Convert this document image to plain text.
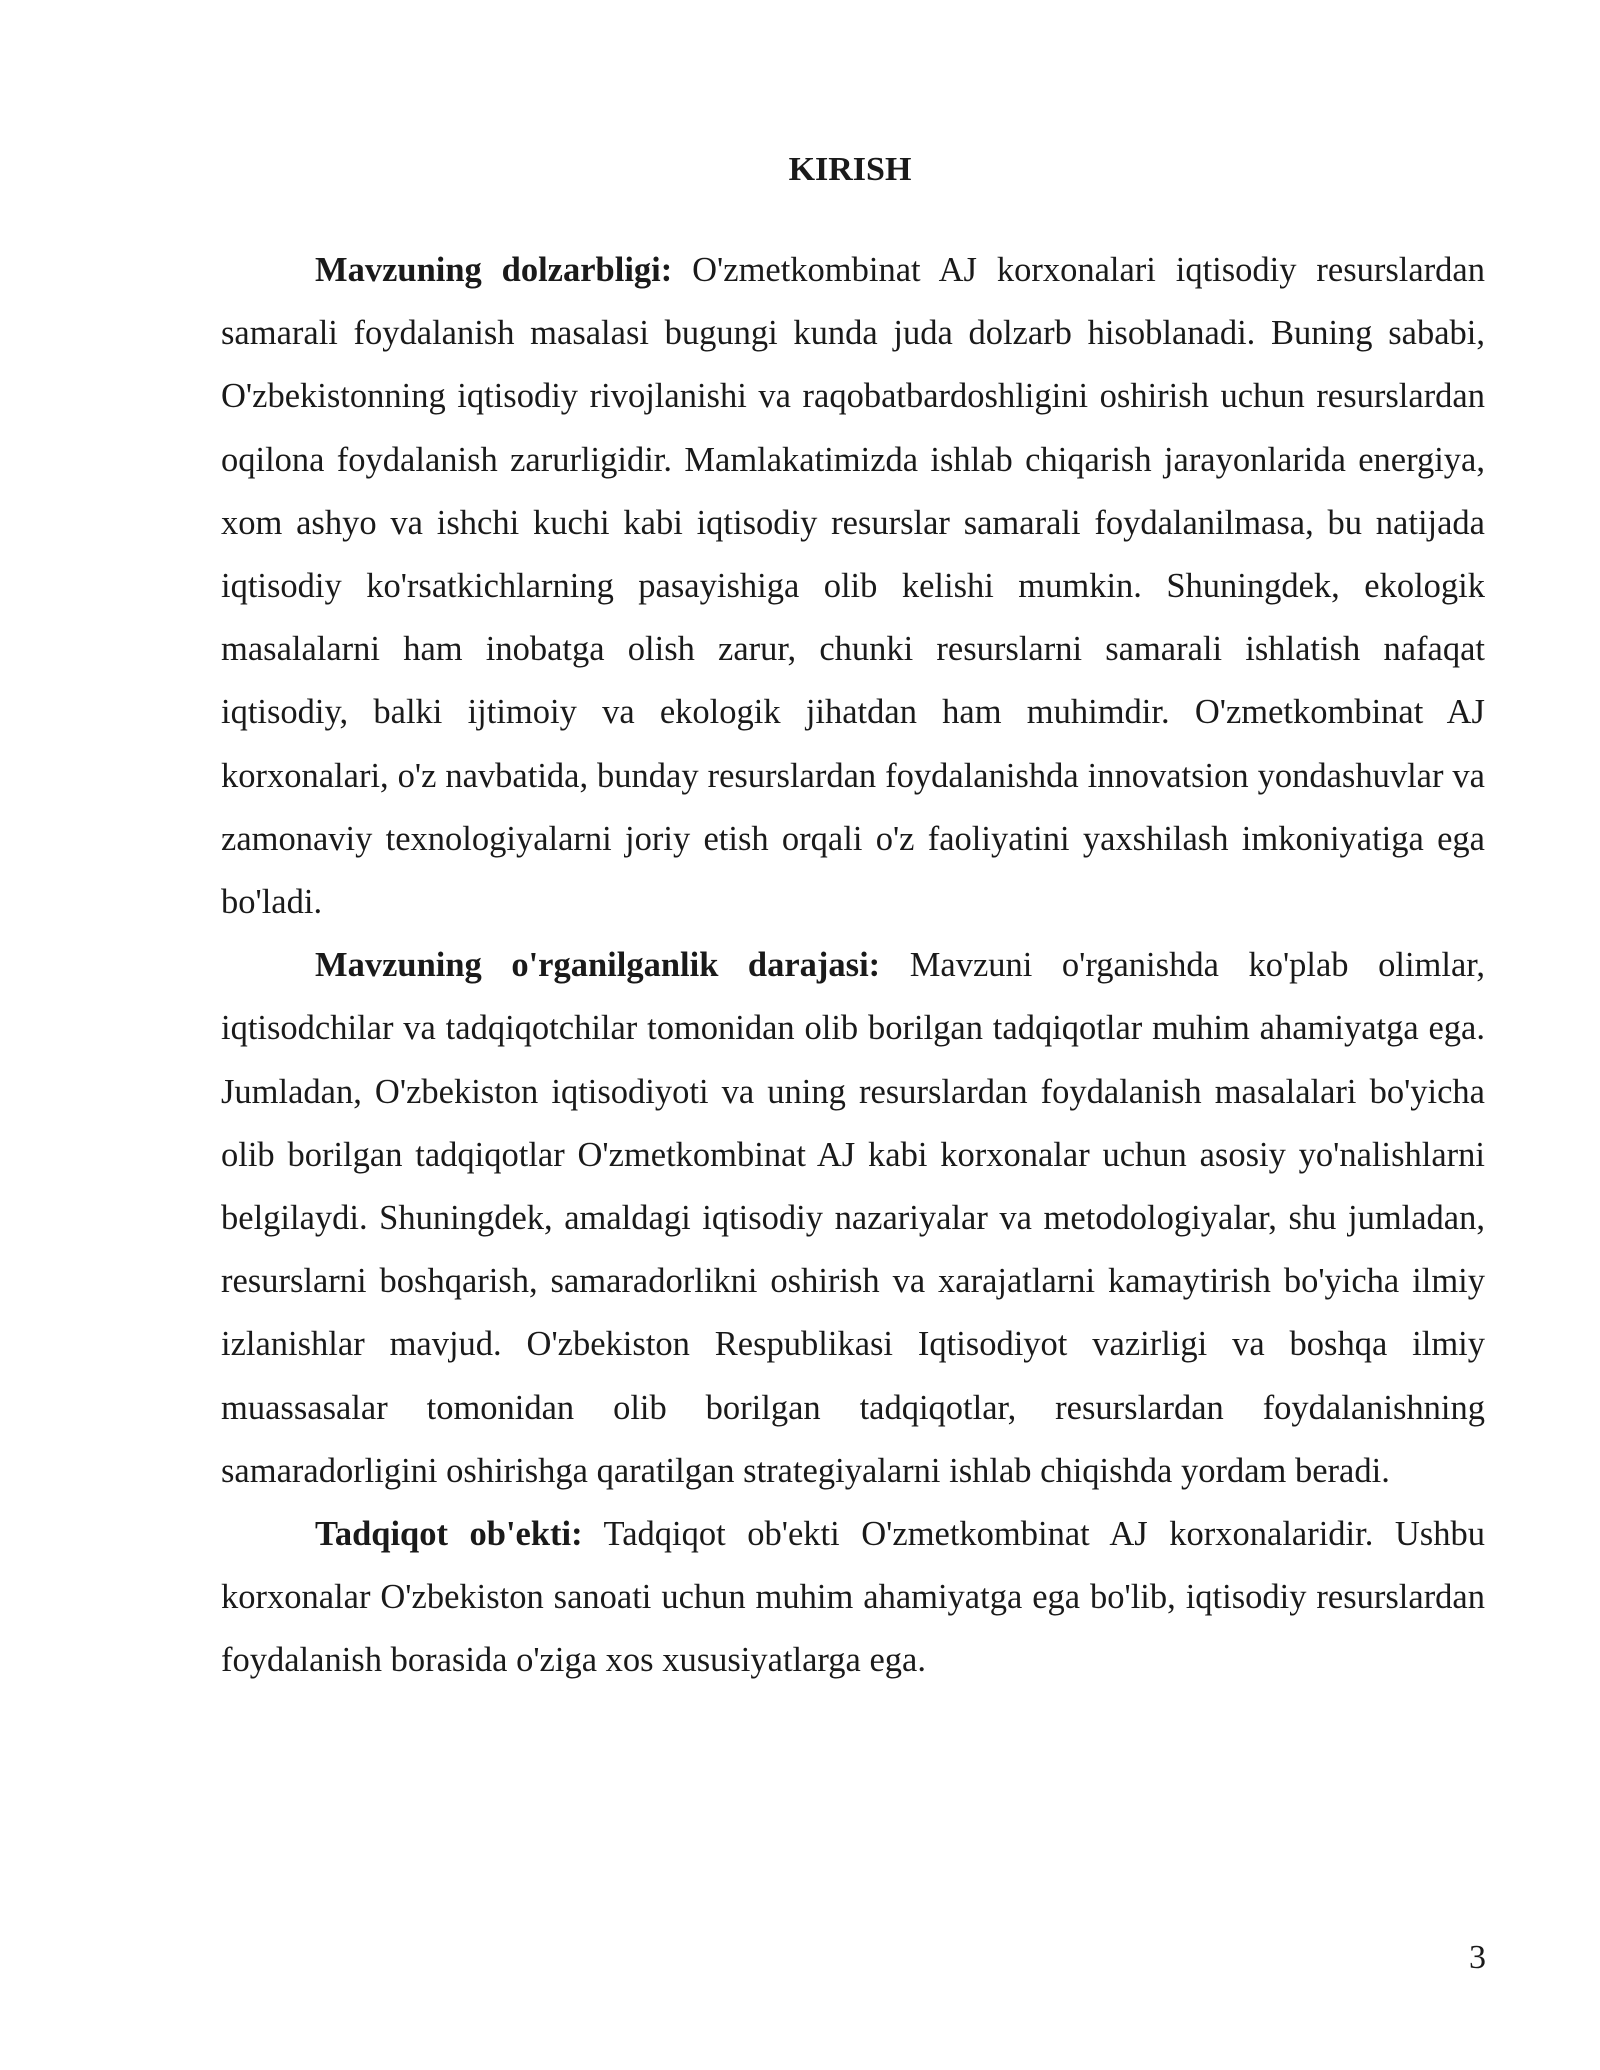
KIRISH

Mavzuning dolzarbligi: O'zmetkombinat AJ korxonalari iqtisodiy resurslardan samarali foydalanish masalasi bugungi kunda juda dolzarb hisoblanadi. Buning sababi, O'zbekistonning iqtisodiy rivojlanishi va raqobatbardoshligini oshirish uchun resurslardan oqilona foydalanish zarurligidir. Mamlakatimizda ishlab chiqarish jarayonlarida energiya, xom ashyo va ishchi kuchi kabi iqtisodiy resurslar samarali foydalanilmasa, bu natijada iqtisodiy ko'rsatkichlarning pasayishiga olib kelishi mumkin. Shuningdek, ekologik masalalarni ham inobatga olish zarur, chunki resurslarni samarali ishlatish nafaqat iqtisodiy, balki ijtimoiy va ekologik jihatdan ham muhimdir. O'zmetkombinat AJ korxonalari, o'z navbatida, bunday resurslardan foydalanishda innovatsion yondashuvlar va zamonaviy texnologiyalarni joriy etish orqali o'z faoliyatini yaxshilash imkoniyatiga ega bo'ladi.

Mavzuning o'rganilganlik darajasi: Mavzuni o'rganishda ko'plab olimlar, iqtisodchilar va tadqiqotchilar tomonidan olib borilgan tadqiqotlar muhim ahamiyatga ega. Jumladan, O'zbekiston iqtisodiyoti va uning resurslardan foydalanish masalalari bo'yicha olib borilgan tadqiqotlar O'zmetkombinat AJ kabi korxonalar uchun asosiy yo'nalishlarni belgilaydi. Shuningdek, amaldagi iqtisodiy nazariyalar va metodologiyalar, shu jumladan, resurslarni boshqarish, samaradorlikni oshirish va xarajatlarni kamaytirish bo'yicha ilmiy izlanishlar mavjud. O'zbekiston Respublikasi Iqtisodiyot vazirligi va boshqa ilmiy muassasalar tomonidan olib borilgan tadqiqotlar, resurslardan foydalanishning samaradorligini oshirishga qaratilgan strategiyalarni ishlab chiqishda yordam beradi.

Tadqiqot ob'ekti: Tadqiqot ob'ekti O'zmetkombinat AJ korxonalaridir. Ushbu korxonalar O'zbekiston sanoati uchun muhim ahamiyatga ega bo'lib, iqtisodiy resurslardan foydalanish borasida o'ziga xos xususiyatlarga ega.

3
